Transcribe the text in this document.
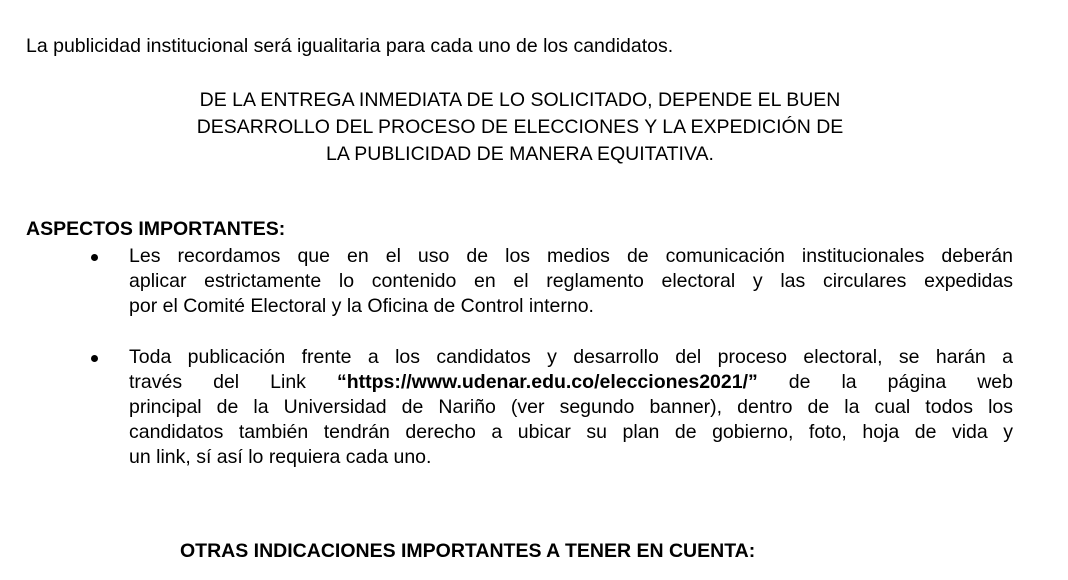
La publicidad institucional será igualitaria para cada uno de los candidatos.

DE LA ENTREGA INMEDIATA DE LO SOLICITADO, DEPENDE EL BUEN
DESARROLLO DEL PROCESO DE ELECCIONES Y LA EXPEDICIÓN DE
LA PUBLICIDAD DE MANERA EQUITATIVA.

ASPECTOS IMPORTANTES:

Les recordamos que en el uso de los medios de comunicación institucionales deberán
aplicar estrictamente lo contenido en el reglamento electoral y las circulares expedidas
por el Comité Electoral y la Oficina de Control interno.
Toda publicación frente a los candidatos y desarrollo del proceso electoral, se harán a
través del Link “https://www.udenar.edu.co/elecciones2021/” de la página web
principal de la Universidad de Nariño (ver segundo banner), dentro de la cual todos los
candidatos también tendrán derecho a ubicar su plan de gobierno, foto, hoja de vida y
un link, sí así lo requiera cada uno.

OTRAS INDICACIONES IMPORTANTES A TENER EN CUENTA:
